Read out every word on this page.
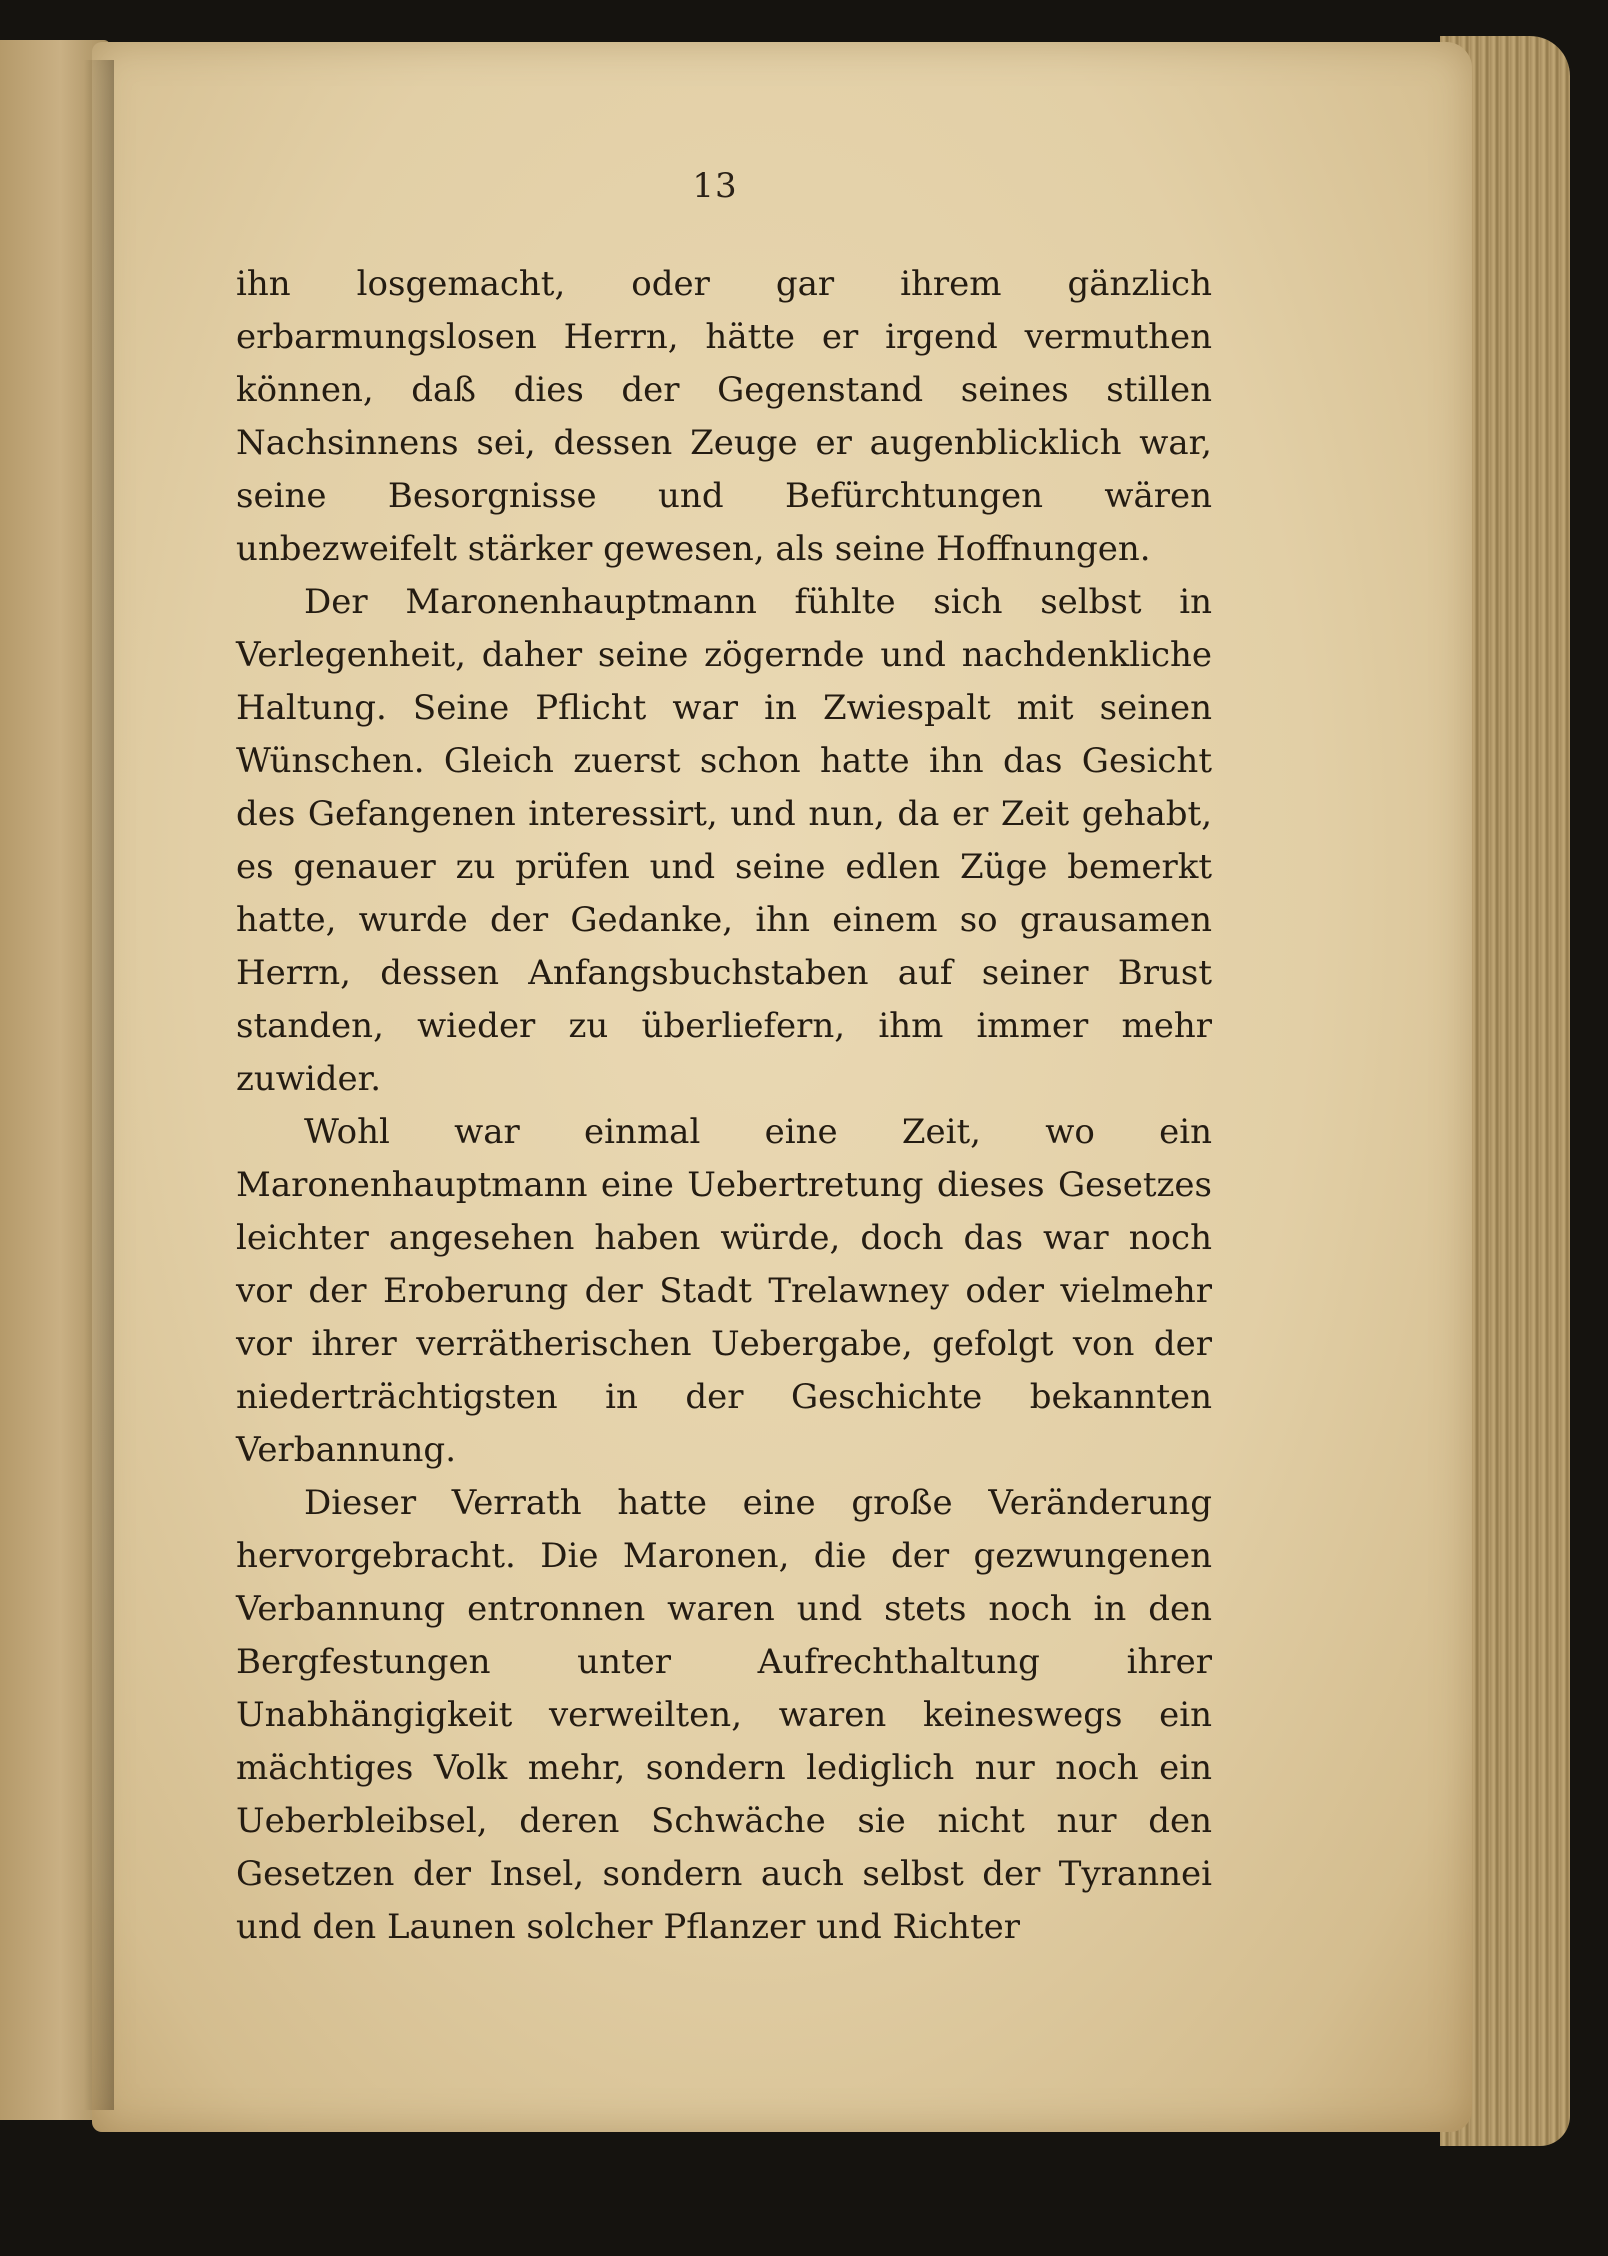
13

ihn losgemacht, oder gar ihrem gänzlich erbarmungslosen Herrn, hätte er irgend vermuthen können, daß dies der Gegenstand seines stillen Nachsinnens sei, dessen Zeuge er augenblicklich war, seine Besorgnisse und Befürchtungen wären unbezweifelt stärker gewesen, als seine Hoffnungen.

Der Maronenhauptmann fühlte sich selbst in Verlegenheit, daher seine zögernde und nachdenkliche Haltung. Seine Pflicht war in Zwiespalt mit seinen Wünschen. Gleich zuerst schon hatte ihn das Gesicht des Gefangenen interessirt, und nun, da er Zeit gehabt, es genauer zu prüfen und seine edlen Züge bemerkt hatte, wurde der Gedanke, ihn einem so grausamen Herrn, dessen Anfangsbuchstaben auf seiner Brust standen, wieder zu überliefern, ihm immer mehr zuwider.

Wohl war einmal eine Zeit, wo ein Maronenhauptmann eine Uebertretung dieses Gesetzes leichter angesehen haben würde, doch das war noch vor der Eroberung der Stadt Trelawney oder vielmehr vor ihrer verrätherischen Uebergabe, gefolgt von der niederträchtigsten in der Geschichte bekannten Verbannung.

Dieser Verrath hatte eine große Veränderung hervorgebracht. Die Maronen, die der gezwungenen Verbannung entronnen waren und stets noch in den Bergfestungen unter Aufrechthaltung ihrer Unabhängigkeit verweilten, waren keineswegs ein mächtiges Volk mehr, sondern lediglich nur noch ein Ueberbleibsel, deren Schwäche sie nicht nur den Gesetzen der Insel, sondern auch selbst der Tyrannei und den Launen solcher Pflanzer und Richter
